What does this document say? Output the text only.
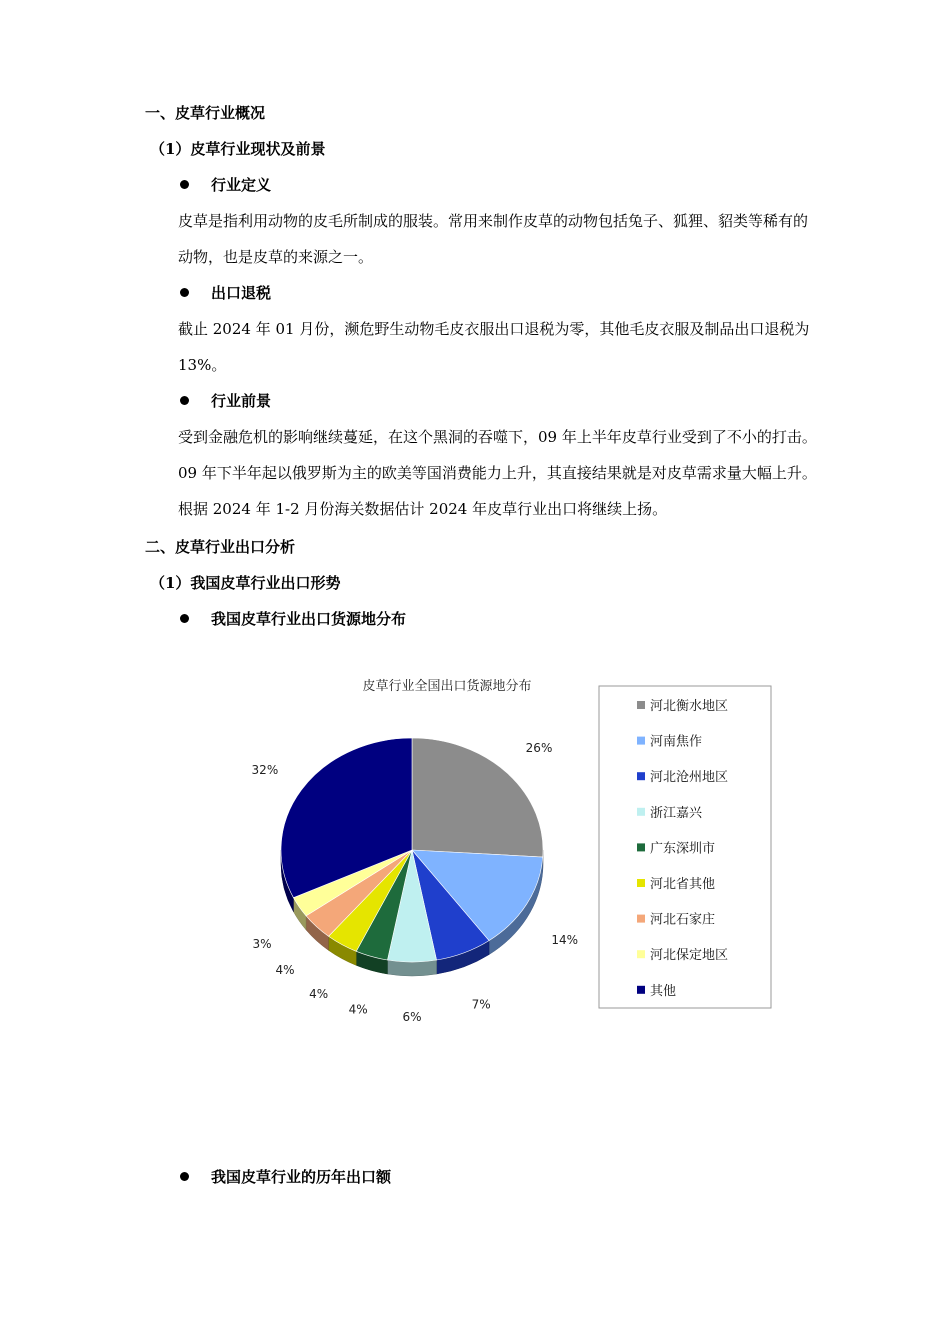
一、皮草行业概况
（1）皮草行业现状及前景
行业定义
皮草是指利用动物的皮毛所制成的服装。常用来制作皮草的动物包括兔子、狐狸、貂类等稀有的动物，也是皮草的来源之一。
出口退税
截止 2024 年 01 月份，濒危野生动物毛皮衣服出口退税为零，其他毛皮衣服及制品出口退税为 13%。
行业前景
受到金融危机的影响继续蔓延，在这个黑洞的吞噬下，09 年上半年皮草行业受到了不小的打击。09 年下半年起以俄罗斯为主的欧美等国消费能力上升，其直接结果就是对皮草需求量大幅上升。根据 2024 年 1-2 月份海关数据估计 2024 年皮草行业出口将继续上扬。
二、皮草行业出口分析
（1）我国皮草行业出口形势
我国皮草行业出口货源地分布
皮草行业全国出口货源地分布
26%
14%
7%
6%
4%
4%
4%
3%
32%
河北衡水地区
河南焦作
河北沧州地区
浙江嘉兴
广东深圳市
河北省其他
河北石家庄
河北保定地区
其他
我国皮草行业的历年出口额
